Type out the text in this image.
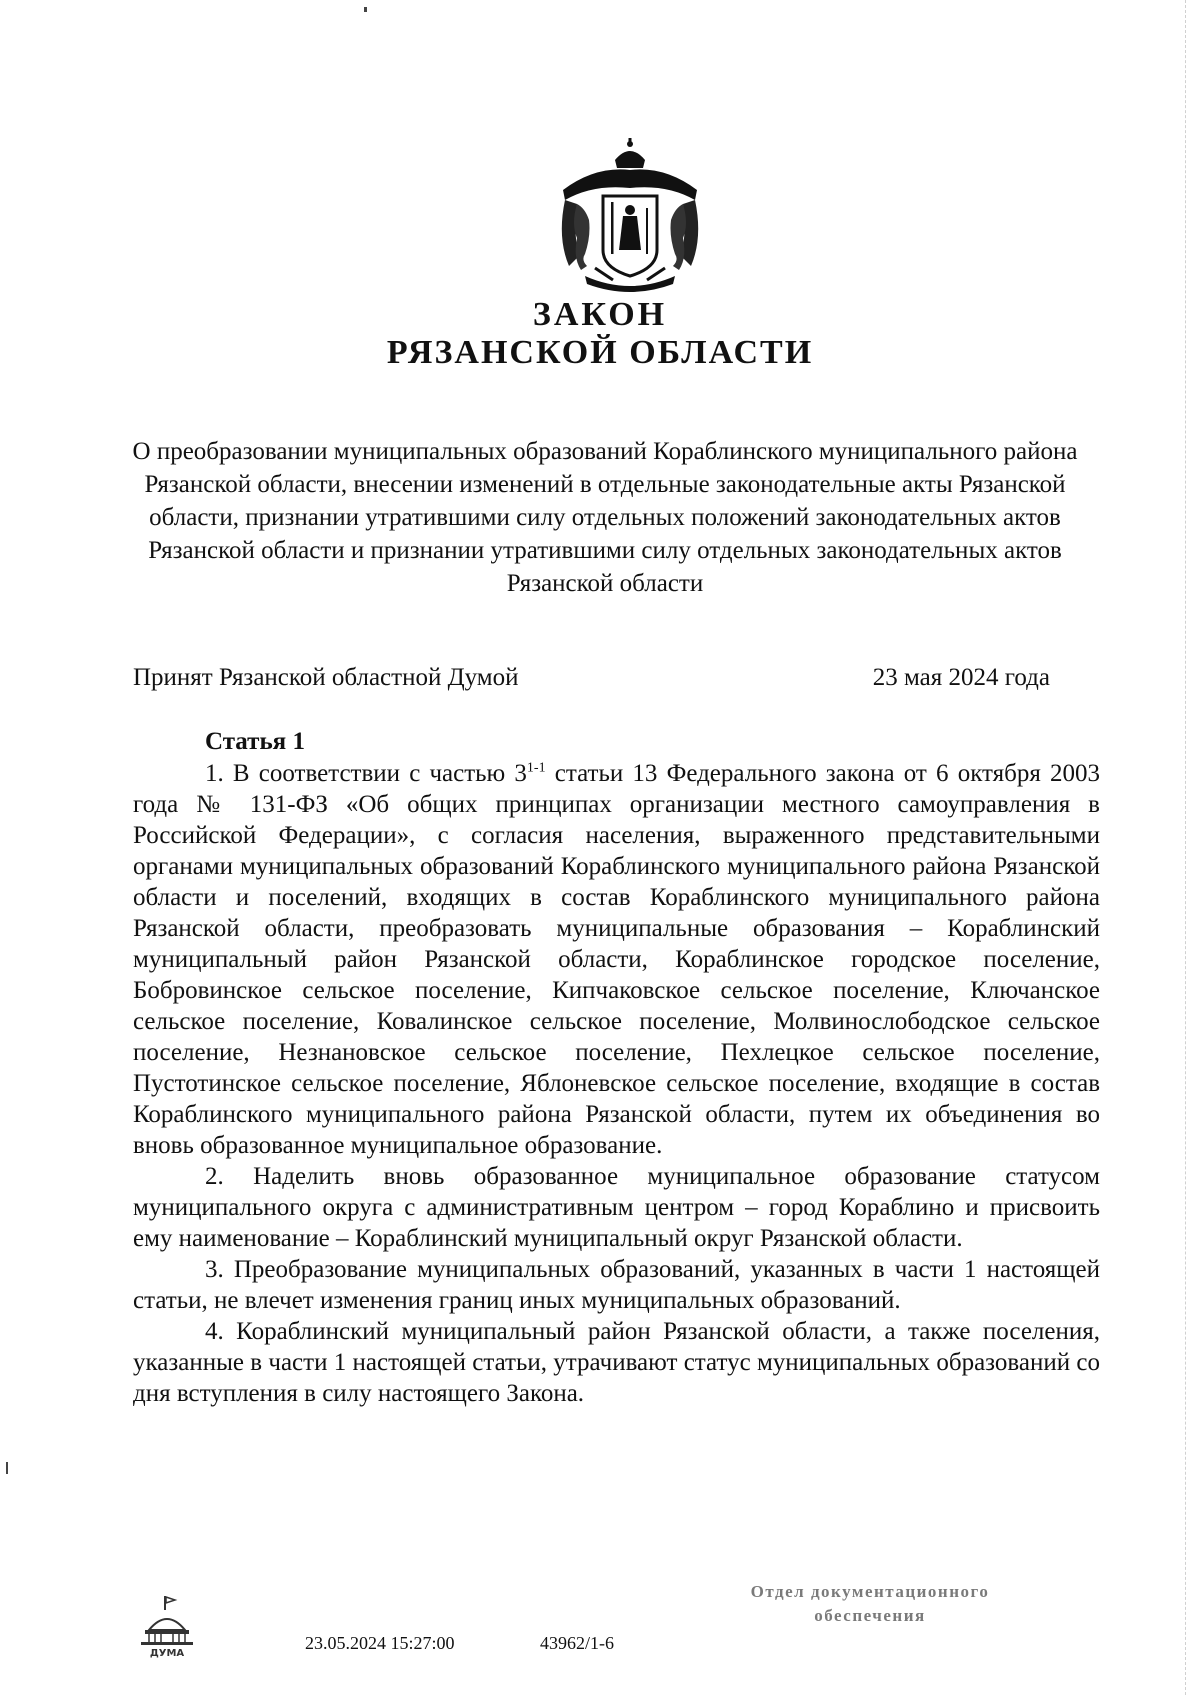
ЗАКОН
РЯЗАНСКОЙ ОБЛАСТИ
О преобразовании муниципальных образований Кораблинского муниципального района Рязанской области, внесении изменений в отдельные законодательные акты Рязанской области, признании утратившими силу отдельных положений законодательных актов Рязанской области и признании утратившими силу отдельных законодательных актов Рязанской области
Принят Рязанской областной Думой	23 мая 2024 года
Статья 1

1. В соответствии с частью 3$^{1-1}$ статьи 13 Федерального закона от 6 октября 2003 года № 131-ФЗ «Об общих принципах организации местного самоуправления в Российской Федерации», с согласия населения, выраженного представительными органами муниципальных образований Кораблинского муниципального района Рязанской области и поселений, входящих в состав Кораблинского муниципального района Рязанской области, преобразовать муниципальные образования – Кораблинский муниципальный район Рязанской области, Кораблинское городское поселение, Бобровинское сельское поселение, Кипчаковское сельское поселение, Ключанское сельское поселение, Ковалинское сельское поселение, Молвинослободское сельское поселение, Незнановское сельское поселение, Пехлецкое сельское поселение, Пустотинское сельское поселение, Яблоневское сельское поселение, входящие в состав Кораблинского муниципального района Рязанской области, путем их объединения во вновь образованное муниципальное образование.

2. Наделить вновь образованное муниципальное образование статусом муниципального округа с административным центром – город Кораблино и присвоить ему наименование – Кораблинский муниципальный округ Рязанской области.

3. Преобразование муниципальных образований, указанных в части 1 настоящей статьи, не влечет изменения границ иных муниципальных образований.

4. Кораблинский муниципальный район Рязанской области, а также поселения, указанные в части 1 настоящей статьи, утрачивают статус муниципальных образований со дня вступления в силу настоящего Закона.

ДУМА
23.05.2024 15:27:00	43962/1-6
Отдел документационного
обеспечения
